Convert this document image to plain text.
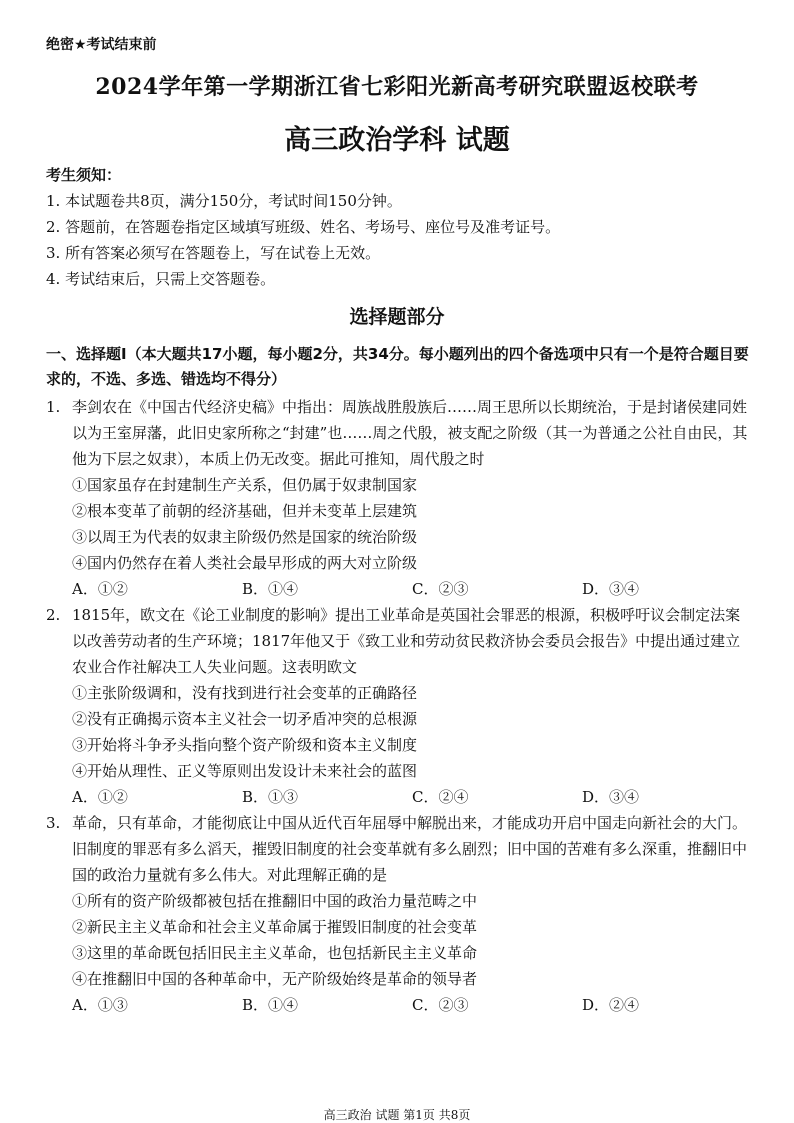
绝密★考试结束前
2024学年第一学期浙江省七彩阳光新高考研究联盟返校联考
高三政治学科 试题
考生须知：
1. 本试题卷共8页，满分150分，考试时间150分钟。
2. 答题前，在答题卷指定区域填写班级、姓名、考场号、座位号及准考证号。
3. 所有答案必须写在答题卷上，写在试卷上无效。
4. 考试结束后，只需上交答题卷。
选择题部分
一、选择题Ⅰ（本大题共17小题，每小题2分，共34分。每小题列出的四个备选项中只有一个是符合题目要求的，不选、多选、错选均不得分）
1. 李剑农在《中国古代经济史稿》中指出：周族战胜殷族后……周王思所以长期统治，于是封诸侯建同姓以为王室屏藩，此旧史家所称之“封建”也……周之代殷，被支配之阶级（其一为普通之公社自由民，其他为下层之奴隶），本质上仍无改变。据此可推知，周代殷之时
①国家虽存在封建制生产关系，但仍属于奴隶制国家
②根本变革了前朝的经济基础，但并未变革上层建筑
③以周王为代表的奴隶主阶级仍然是国家的统治阶级
④国内仍然存在着人类社会最早形成的两大对立阶级
A．①②	B．①④	C．②③	D．③④
2. 1815年，欧文在《论工业制度的影响》提出工业革命是英国社会罪恶的根源，积极呼吁议会制定法案以改善劳动者的生产环境；1817年他又于《致工业和劳动贫民救济协会委员会报告》中提出通过建立农业合作社解决工人失业问题。这表明欧文
①主张阶级调和，没有找到进行社会变革的正确路径
②没有正确揭示资本主义社会一切矛盾冲突的总根源
③开始将斗争矛头指向整个资产阶级和资本主义制度
④开始从理性、正义等原则出发设计未来社会的蓝图
A．①②	B．①③	C．②④	D．③④
3. 革命，只有革命，才能彻底让中国从近代百年屈辱中解脱出来，才能成功开启中国走向新社会的大门。旧制度的罪恶有多么滔天，摧毁旧制度的社会变革就有多么剧烈；旧中国的苦难有多么深重，推翻旧中国的政治力量就有多么伟大。对此理解正确的是
①所有的资产阶级都被包括在推翻旧中国的政治力量范畴之中
②新民主主义革命和社会主义革命属于摧毁旧制度的社会变革
③这里的革命既包括旧民主主义革命，也包括新民主主义革命
④在推翻旧中国的各种革命中，无产阶级始终是革命的领导者
A．①③	B．①④	C．②③	D．②④
高三政治 试题 第1页 共8页
